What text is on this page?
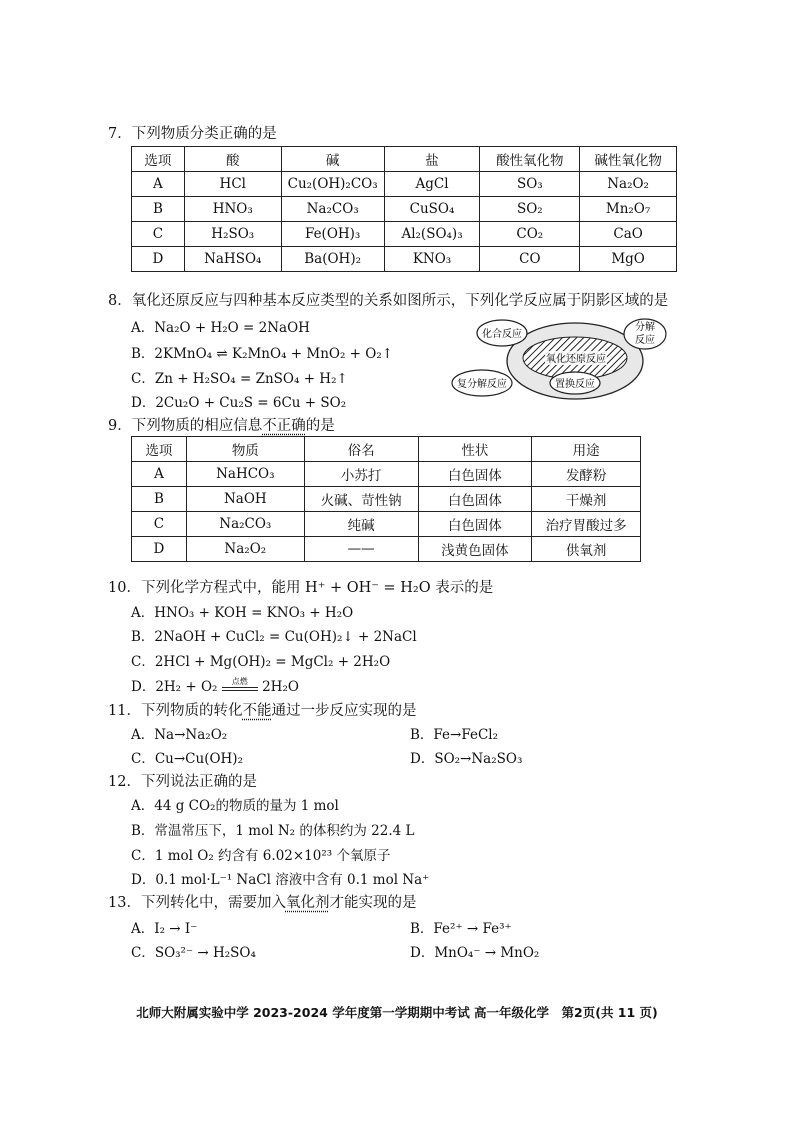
7．下列物质分类正确的是
选项	酸	碱	盐	酸性氧化物	碱性氧化物
A	HCl	Cu₂(OH)₂CO₃	AgCl	SO₃	Na₂O₂
B	HNO₃	Na₂CO₃	CuSO₄	SO₂	Mn₂O₇
C	H₂SO₃	Fe(OH)₃	Al₂(SO₄)₃	CO₂	CaO
D	NaHSO₄	Ba(OH)₂	KNO₃	CO	MgO
8．氧化还原反应与四种基本反应类型的关系如图所示，下列化学反应属于阴影区域的是
A．Na₂O + H₂O = 2NaOH
B．2KMnO₄ ⇌ K₂MnO₄ + MnO₂ + O₂↑
C．Zn + H₂SO₄ = ZnSO₄ + H₂↑
D．2Cu₂O + Cu₂S = 6Cu + SO₂
化合反应
分解
反应
氧化还原反应
复分解反应	置换反应
9．下列物质的相应信息不正确的是
选项	物质	俗名	性状	用途
A	NaHCO₃	小苏打	白色固体	发酵粉
B	NaOH	火碱、苛性钠	白色固体	干燥剂
C	Na₂CO₃	纯碱	白色固体	治疗胃酸过多
D	Na₂O₂	——	浅黄色固体	供氧剂
10．下列化学方程式中，能用 H⁺ + OH⁻ = H₂O 表示的是
A．HNO₃ + KOH = KNO₃ + H₂O
B．2NaOH + CuCl₂ = Cu(OH)₂↓ + 2NaCl
C．2HCl + Mg(OH)₂ = MgCl₂ + 2H₂O
D．2H₂ + O₂	点燃	2H₂O
11．下列物质的转化不能通过一步反应实现的是
A．Na→Na₂O₂	B．Fe→FeCl₂
C．Cu→Cu(OH)₂	D．SO₂→Na₂SO₃
12．下列说法正确的是
A．44 g CO₂的物质的量为 1 mol
B．常温常压下，1 mol N₂ 的体积约为 22.4 L
C．1 mol O₂ 约含有 6.02×10²³ 个氧原子
D．0.1 mol·L⁻¹ NaCl 溶液中含有 0.1 mol Na⁺
13．下列转化中，需要加入氧化剂才能实现的是
A．I₂ → I⁻	B．Fe²⁺ → Fe³⁺
C．SO₃²⁻ → H₂SO₄	D．MnO₄⁻ → MnO₂
北师大附属实验中学 2023-2024 学年度第一学期期中考试 高一年级化学　第2页(共 11 页)
